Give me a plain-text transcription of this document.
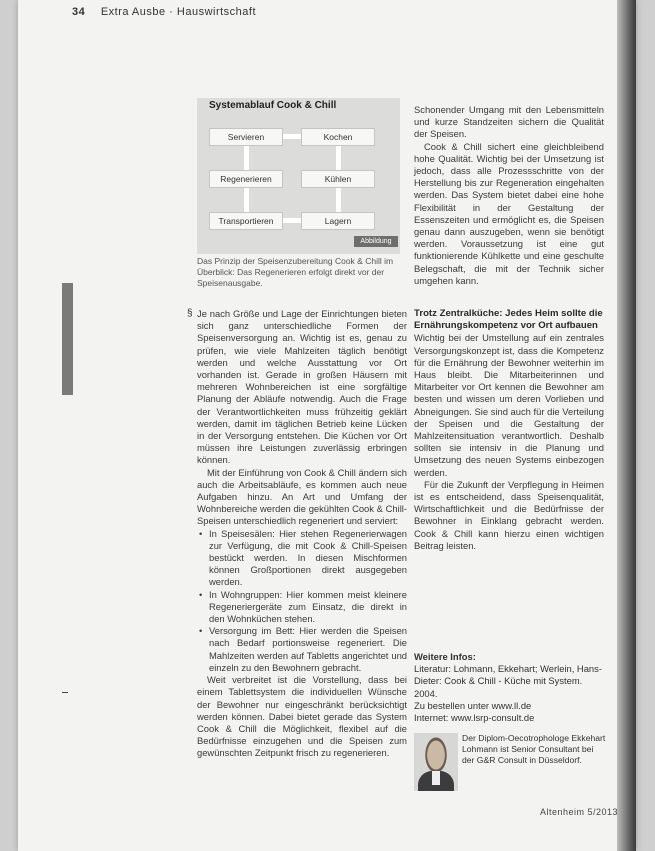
34 Extra Ausbe · Hauswirtschaft
Systemablauf Cook & Chill
Servieren	Kochen
Regenerieren	Kühlen
Transportieren	Lagern
Abbildung
Das Prinzip der Speisenzubereitung Cook & Chill im Überblick: Das Regenerieren erfolgt direkt vor der Speisenausgabe.
§ Je nach Größe und Lage der Einrichtungen bieten sich ganz unterschiedliche Formen der Speisenversorgung an. Wichtig ist es, genau zu prüfen, wie viele Mahlzeiten täglich benötigt werden und welche Ausstattung vor Ort vorhanden ist. Gerade in großen Häusern mit mehreren Wohnbereichen ist eine sorgfältige Planung der Abläufe notwendig. Auch die Frage der Verantwortlichkeiten muss frühzeitig geklärt werden, damit im täglichen Betrieb keine Lücken in der Versorgung entstehen. Die Küchen vor Ort müssen ihre Leistungen zuverlässig erbringen können.

Mit der Einführung von Cook & Chill ändern sich auch die Arbeitsabläufe, es kommen auch neue Aufgaben hinzu. An Art und Umfang der Wohnbereiche werden die gekühlten Cook & Chill-Speisen unterschiedlich regeneriert und serviert:

• In Speisesälen: Hier stehen Regenerierwagen zur Verfügung, die mit Cook & Chill-Speisen bestückt werden. In diesen Mischformen können Großportionen direkt ausgegeben werden.
• In Wohngruppen: Hier kommen meist kleinere Regeneriergeräte zum Einsatz, die direkt in den Wohnküchen stehen.
• Versorgung im Bett: Hier werden die Speisen nach Bedarf portionsweise regeneriert. Die Mahlzeiten werden auf Tabletts angerichtet und einzeln zu den Bewohnern gebracht.

Weit verbreitet ist die Vorstellung, dass bei einem Tablettsystem die individuellen Wünsche der Bewohner nur eingeschränkt berücksichtigt werden können. Dabei bietet gerade das System Cook & Chill die Möglichkeit, flexibel auf die Bedürfnisse einzugehen und die Speisen zum gewünschten Zeitpunkt frisch zu regenerieren.

Schonender Umgang mit den Lebensmitteln und kurze Standzeiten sichern die Qualität der Speisen.

Cook & Chill sichert eine gleichbleibend hohe Qualität. Wichtig bei der Umsetzung ist jedoch, dass alle Prozessschritte von der Herstellung bis zur Regeneration eingehalten werden. Das System bietet dabei eine hohe Flexibilität in der Gestaltung der Essenszeiten und ermöglicht es, die Speisen genau dann auszugeben, wenn sie benötigt werden. Voraussetzung ist eine gut funktionierende Kühlkette und eine geschulte Belegschaft, die mit der Technik sicher umgehen kann.

Trotz Zentralküche: Jedes Heim sollte die Ernährungskompetenz vor Ort aufbauen

Wichtig bei der Umstellung auf ein zentrales Versorgungskonzept ist, dass die Kompetenz für die Ernährung der Bewohner weiterhin im Haus bleibt. Die Mitarbeiterinnen und Mitarbeiter vor Ort kennen die Bewohner am besten und wissen um deren Vorlieben und Abneigungen. Sie sind auch für die Verteilung der Speisen und die Gestaltung der Mahlzeitensituation verantwortlich. Deshalb sollten sie intensiv in die Planung und Umsetzung des neuen Systems einbezogen werden.

Für die Zukunft der Verpflegung in Heimen ist es entscheidend, dass Speisenqualität, Wirtschaftlichkeit und die Bedürfnisse der Bewohner in Einklang gebracht werden. Cook & Chill kann hierzu einen wichtigen Beitrag leisten.

Weitere Infos:
Literatur: Lohmann, Ekkehart; Werlein, Hans-Dieter: Cook & Chill - Küche mit System. 2004.
Zu bestellen unter www.ll.de
Internet: www.lsrp-consult.de
Der Diplom-Oecotrophologe Ekkehart Lohmann ist Senior Consultant bei der G&R Consult in Düsseldorf.
Altenheim 5/2013
